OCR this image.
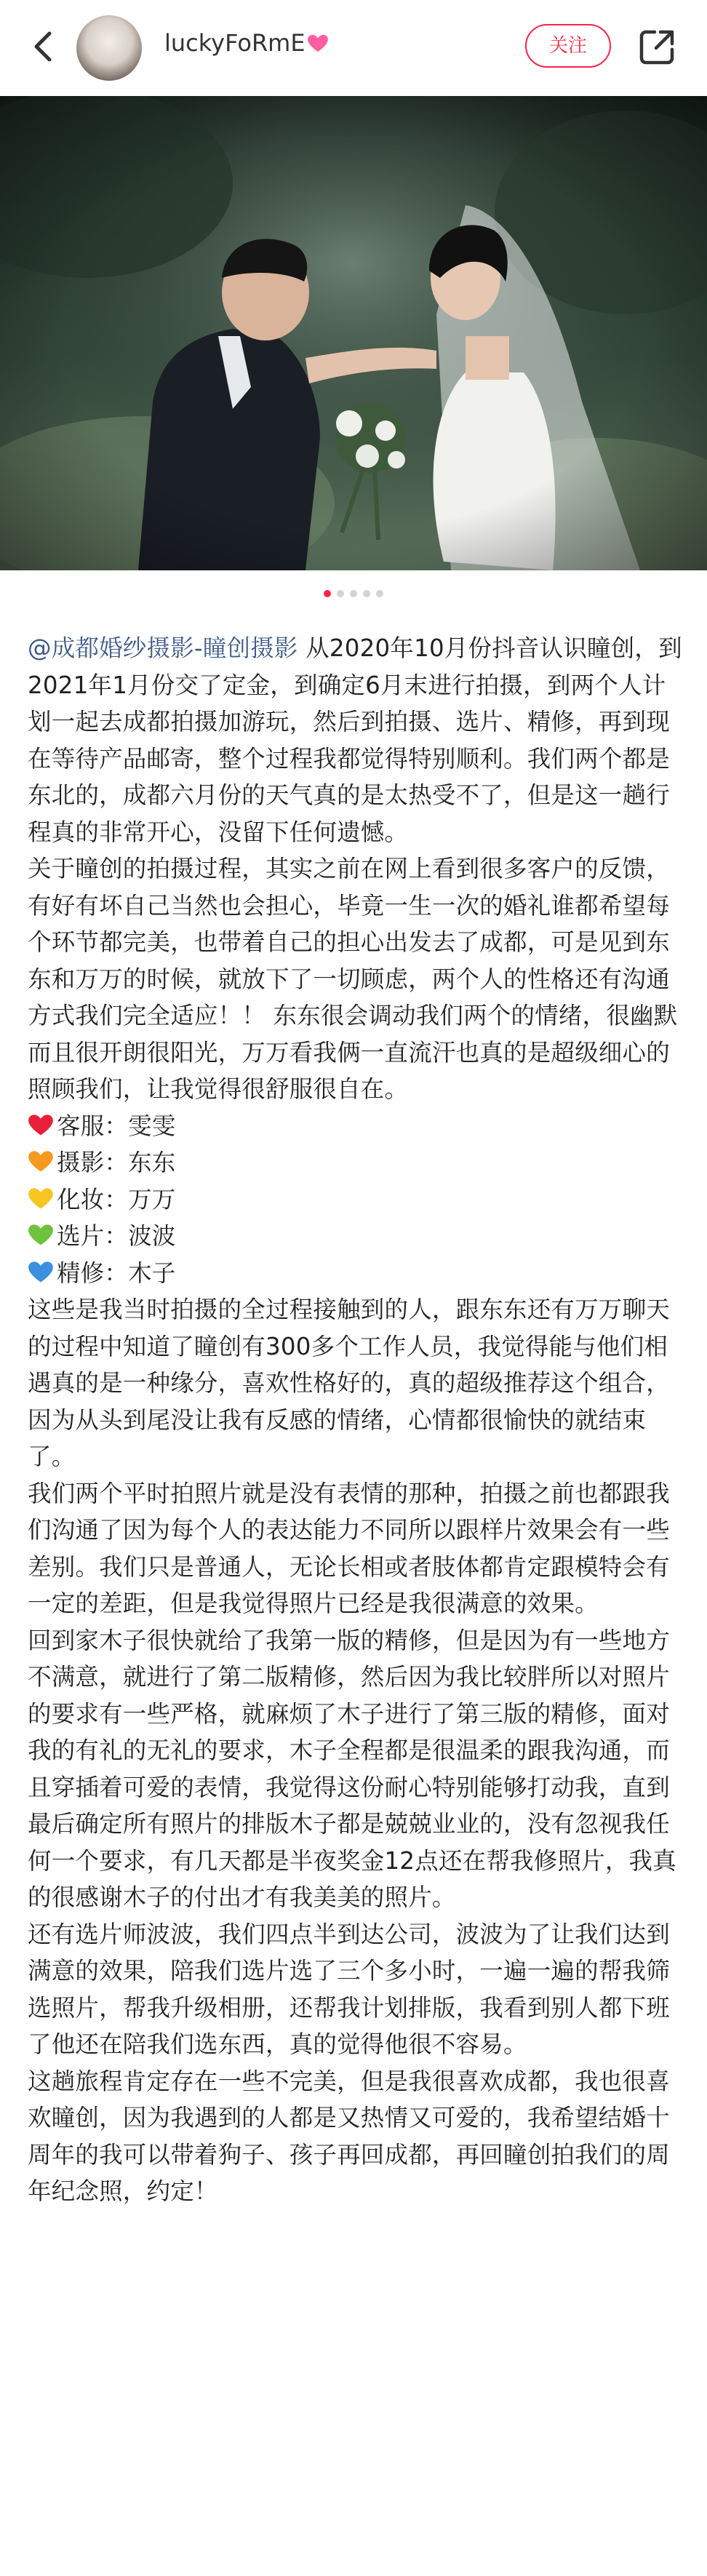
luckyFoRmE	关注

@成都婚纱摄影-瞳创摄影 从2020年10月份抖音认识瞳创，到2021年1月份交了定金，到确定6月末进行拍摄，到两个人计划一起去成都拍摄加游玩，然后到拍摄、选片、精修，再到现在等待产品邮寄，整个过程我都觉得特别顺利。我们两个都是东北的，成都六月份的天气真的是太热受不了，但是这一趟行程真的非常开心，没留下任何遗憾。

关于瞳创的拍摄过程，其实之前在网上看到很多客户的反馈，有好有坏自己当然也会担心，毕竟一生一次的婚礼谁都希望每个环节都完美，也带着自己的担心出发去了成都，可是见到东东和万万的时候，就放下了一切顾虑，两个人的性格还有沟通方式我们完全适应！！ 东东很会调动我们两个的情绪，很幽默而且很开朗很阳光，万万看我俩一直流汗也真的是超级细心的照顾我们，让我觉得很舒服很自在。

客服：雯雯
摄影：东东
化妆：万万
选片：波波
精修：木子

这些是我当时拍摄的全过程接触到的人，跟东东还有万万聊天的过程中知道了瞳创有300多个工作人员，我觉得能与他们相遇真的是一种缘分，喜欢性格好的，真的超级推荐这个组合，因为从头到尾没让我有反感的情绪，心情都很愉快的就结束了。

我们两个平时拍照片就是没有表情的那种，拍摄之前也都跟我们沟通了因为每个人的表达能力不同所以跟样片效果会有一些差别。我们只是普通人，无论长相或者肢体都肯定跟模特会有一定的差距，但是我觉得照片已经是我很满意的效果。

回到家木子很快就给了我第一版的精修，但是因为有一些地方不满意，就进行了第二版精修，然后因为我比较胖所以对照片的要求有一些严格，就麻烦了木子进行了第三版的精修，面对我的有礼的无礼的要求，木子全程都是很温柔的跟我沟通，而且穿插着可爱的表情，我觉得这份耐心特别能够打动我，直到最后确定所有照片的排版木子都是兢兢业业的，没有忽视我任何一个要求，有几天都是半夜奖金12点还在帮我修照片，我真的很感谢木子的付出才有我美美的照片。

还有选片师波波，我们四点半到达公司，波波为了让我们达到满意的效果，陪我们选片选了三个多小时，一遍一遍的帮我筛选照片，帮我升级相册，还帮我计划排版，我看到别人都下班了他还在陪我们选东西，真的觉得他很不容易。

这趟旅程肯定存在一些不完美，但是我很喜欢成都，我也很喜欢瞳创，因为我遇到的人都是又热情又可爱的，我希望结婚十周年的我可以带着狗子、孩子再回成都，再回瞳创拍我们的周年纪念照，约定！
